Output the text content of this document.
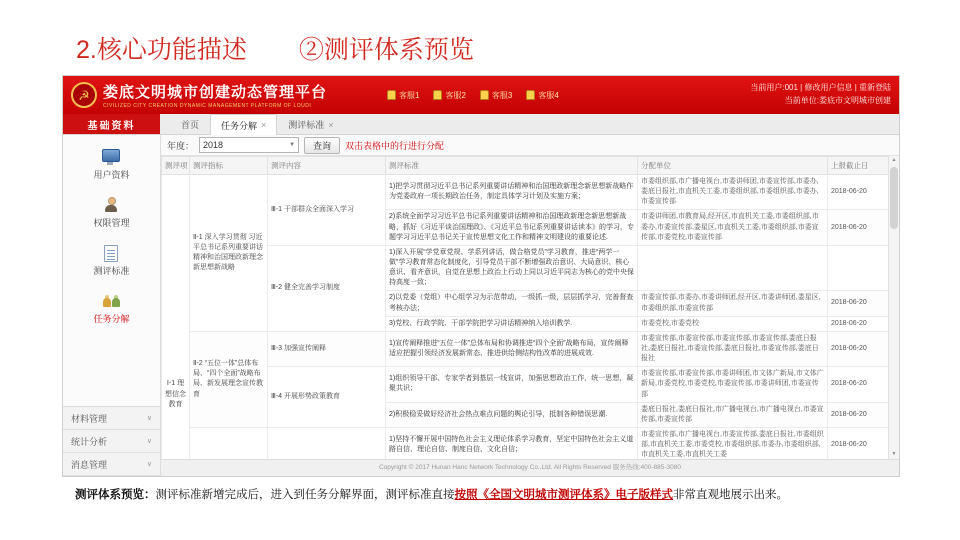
2.核心功能描述 ②测评体系预览
☭ 娄底文明城市创建动态管理平台
CIVILIZED CITY CREATION DYNAMIC MANAGEMENT PLATFORM OF LOUDI
客服1	客服2	客服3	客服4
当前用户:001 | 修改用户信息 | 重新登陆
当前单位:娄底市文明城市创建
基础资料	首页 任务分解 × 测评标准 ×
用户资料
权限管理
测评标准
任务分解
材料管理	∨
统计分析	∨
消息管理	∨
年度： 2018	▼	查询	双击表格中的行进行分配
测评项	测评指标	测评内容	测评标准	分配单位	上报截止日
Ⅰ-1 理想信念教育	Ⅱ-1 深入学习贯彻 习近平总书记系列重要讲话精神和治国理政新理念新思想新战略	Ⅲ-1 干部群众全面深入学习	1)把学习贯彻习近平总书记系列重要讲话精神和治国理政新理念新思想新战略作为党委政府一项长期政治任务，制定具体学习计划及实施方案；	市委组织部,市广播电视台,市委讲师团,市委宣传部,市委办,娄底日报社,市直机关工委,市委组织部,市委组织部,市委办,市委宣传部	2018-06-20
			2)系统全面学习习近平总书记系列重要讲话精神和治国理政新理念新思想新战略，抓好《习近平谈治国理政》、《习近平总书记系列重要讲话读本》的学习，专题学习习近平总书记关于宣传思想文化工作和精神文明建设的重要论述.	市委讲师团,市教育局,经开区,市直机关工委,市委组织部,市委办,市委宣传部,娄星区,市直机关工委,市委组织部,市委宣传部,市委党校,市委宣传部	2018-06-20
		Ⅲ-2 健全完善学习制度	1)深入开展“学党章党规、学系列讲话，做合格党员”学习教育，推进“两学一做”学习教育常态化制度化，引导党员干部不断增强政治意识、大局意识、核心意识、看齐意识，自觉在思想上政治上行动上同以习近平同志为核心的党中央保持高度一致；		
			2)以党委（党组）中心组学习为示范带动，一级抓一级，层层抓学习，完善督查考核办法；	市委宣传部,市委办,市委讲师团,经开区,市委讲师团,娄星区,市委组织部,市委宣传部	2018-06-20
			3)党校、行政学院、干部学院把学习讲话精神纳入培训教学.	市委党校,市委党校	2018-06-20
	Ⅱ-2 “五位一体”总体布局、“四个全面”战略布局、新发展理念宣传教育	Ⅲ-3 加强宣传阐释	1)宣传阐释推进“五位一体”总体布局和协调推进“四个全面”战略布局，宣传阐释适应把握引领经济发展新常态、推进供给侧结构性改革的进展成效.	市委宣传部,市委宣传部,市委宣传部,市委宣传部,娄底日报社,娄底日报社,市委宣传部,娄底日报社,市委宣传部,娄底日报社	2018-06-20
		Ⅲ-4 开展形势政策教育	1)组织领导干部、专家学者到基层一线宣讲，加强思想政治工作，统一思想，凝聚共识；	市委宣传部,市委宣传部,市委讲师团,市文体广新局,市文体广新局,市委党校,市委党校,市委宣传部,市委讲师团,市委宣传部	2018-06-20
			2)积极稳妥做好经济社会热点难点问题的舆论引导，抵制各种错误思潮.	娄底日报社,娄底日报社,市广播电视台,市广播电视台,市委宣传部,市委宣传部	2018-06-20
		1)坚持不懈开展中国特色社会主义理论体系学习教育，坚定中国特色社会主义道路自信、理论自信、制度自信、文化自信；	市委宣传部,市广播电视台,市委宣传部,娄底日报社,市委组织部,市直机关工委,市委党校,市委组织部,市委办,市委组织部,市直机关工委,市直机关工委	2018-06-20

▲
▼
Copyright © 2017 Hunan Hanc Network Technology Co.,Ltd. All Rights Reserved 服务热线:400-885-3080
测评体系预览：测评标准新增完成后，进入到任务分解界面，测评标准直接按照《全国文明城市测评体系》电子版样式非常直观地展示出来。
